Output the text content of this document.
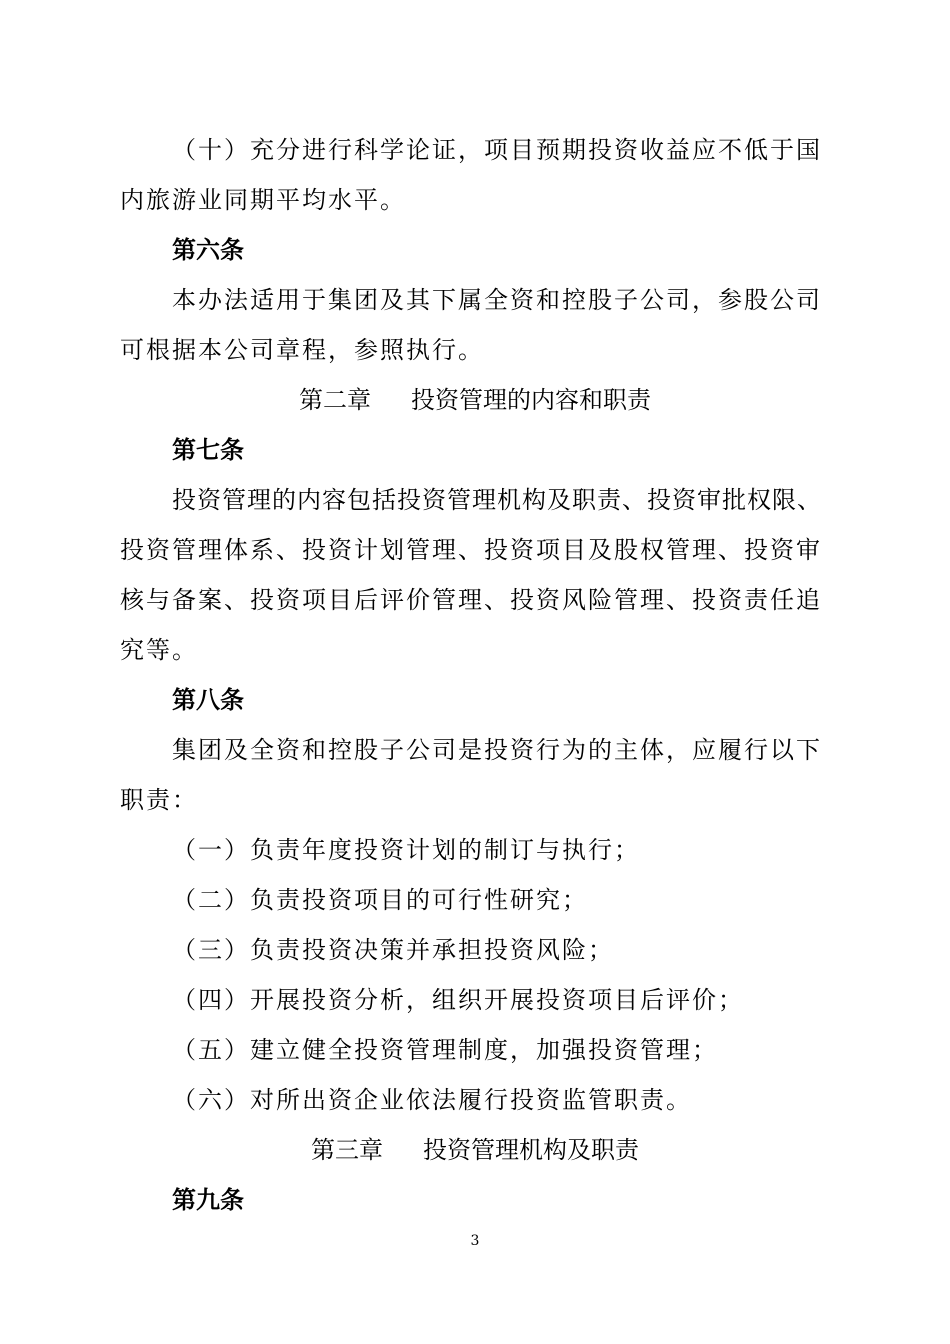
（十）充分进行科学论证，项目预期投资收益应不低于国
内旅游业同期平均水平。
第六条
本办法适用于集团及其下属全资和控股子公司，参股公司
可根据本公司章程，参照执行。
第二章 投资管理的内容和职责
第七条
投资管理的内容包括投资管理机构及职责、投资审批权限、
投资管理体系、投资计划管理、投资项目及股权管理、投资审
核与备案、投资项目后评价管理、投资风险管理、投资责任追
究等。
第八条
集团及全资和控股子公司是投资行为的主体，应履行以下
职责：
（一）负责年度投资计划的制订与执行；
（二）负责投资项目的可行性研究；
（三）负责投资决策并承担投资风险；
（四）开展投资分析，组织开展投资项目后评价；
（五）建立健全投资管理制度，加强投资管理；
（六）对所出资企业依法履行投资监管职责。
第三章 投资管理机构及职责
第九条
3
